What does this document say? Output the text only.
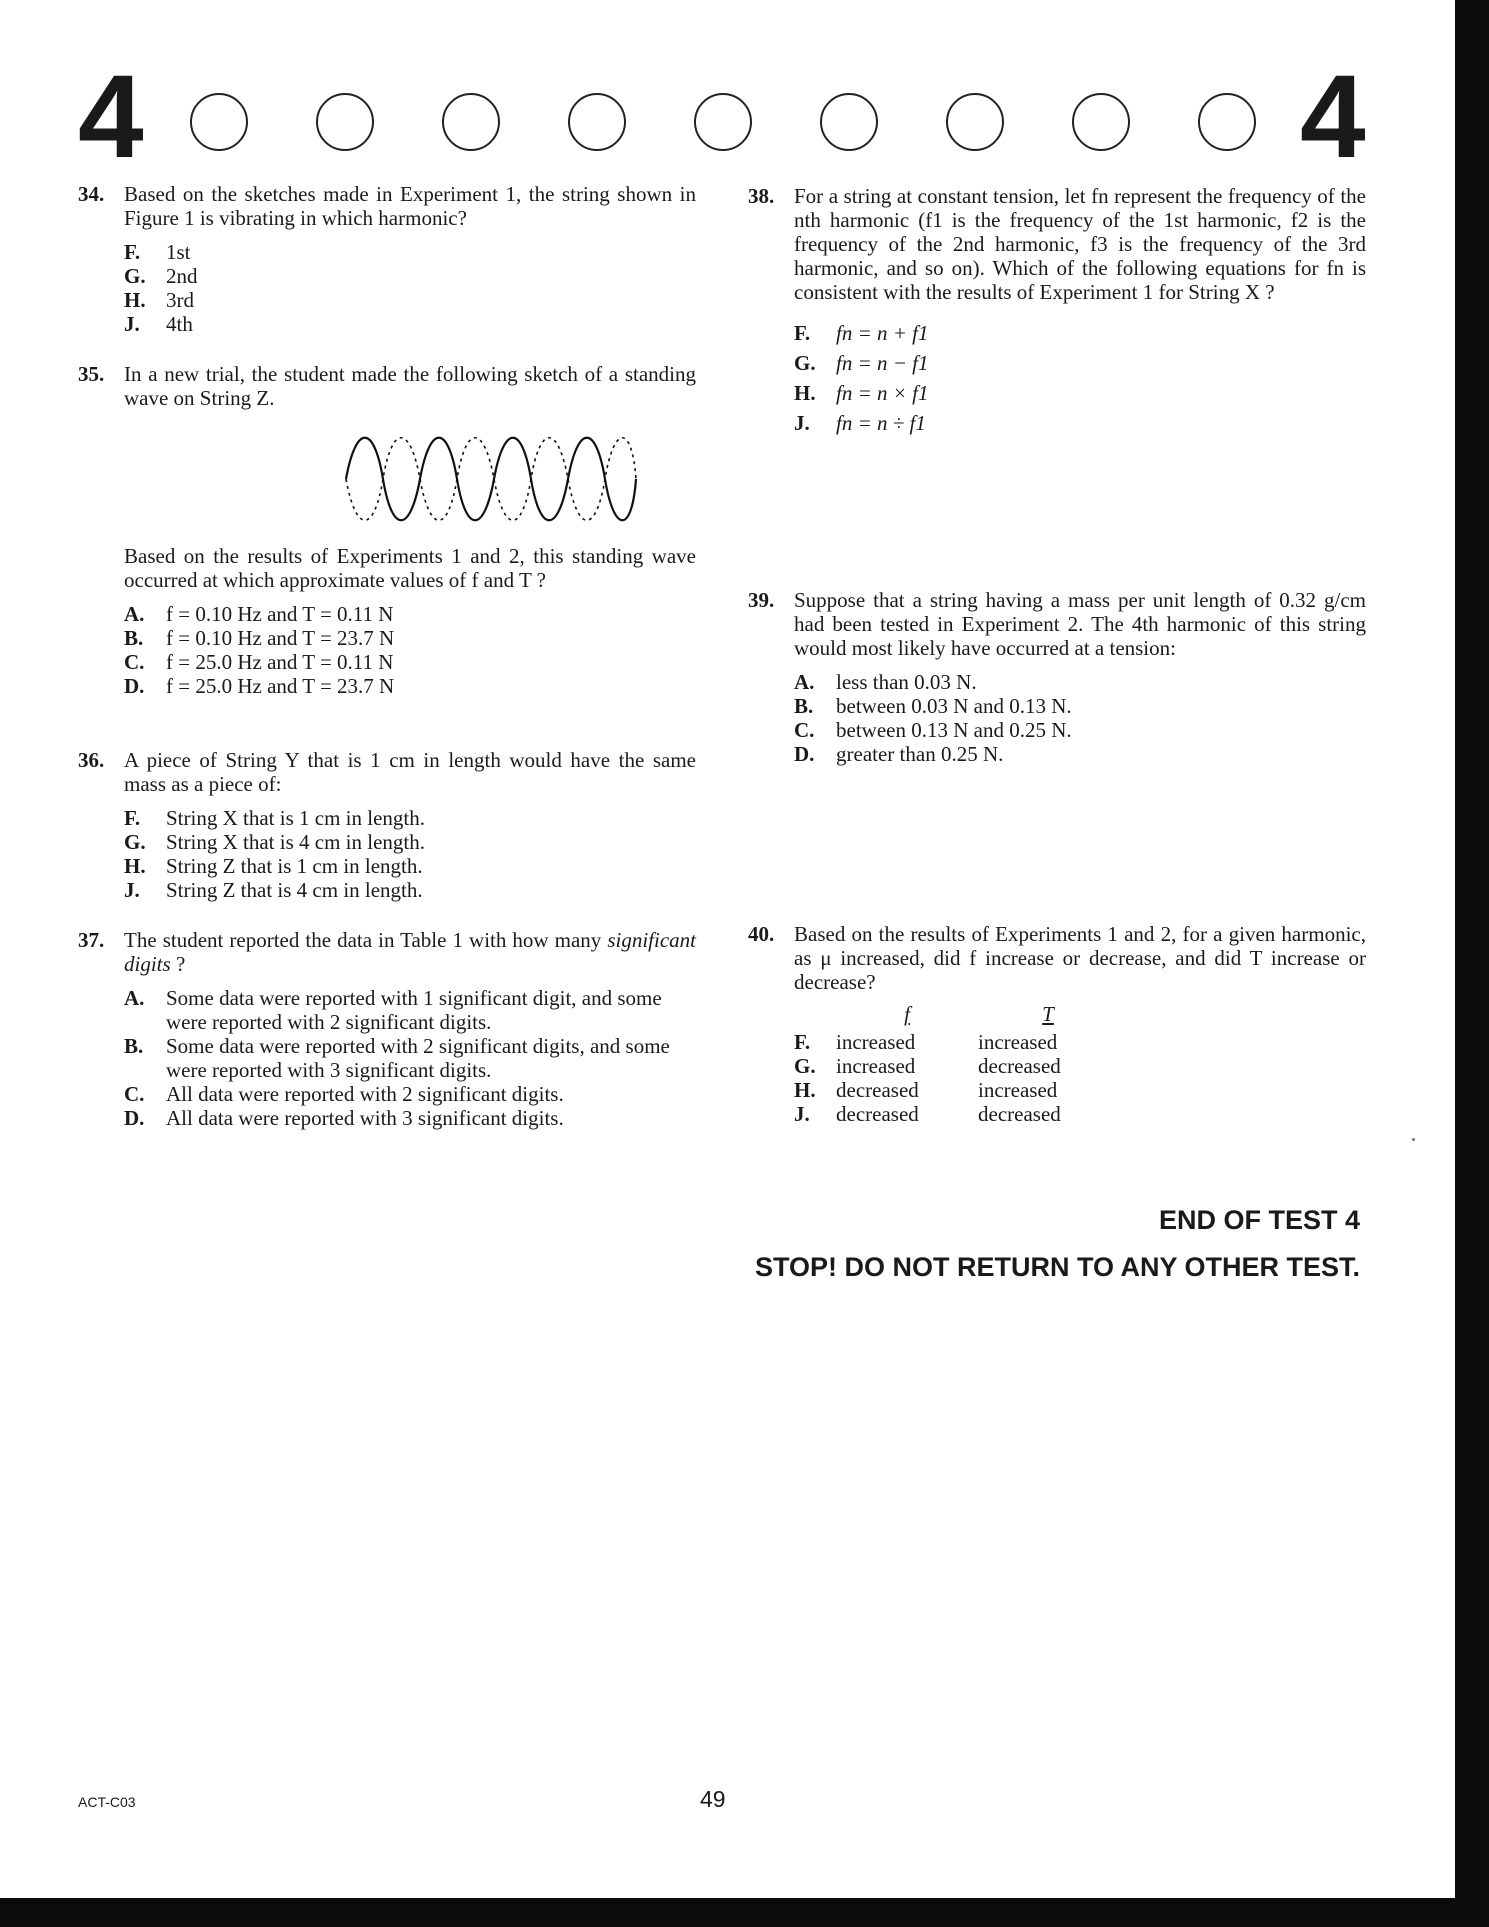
4	4
34. Based on the sketches made in Experiment 1, the string shown in Figure 1 is vibrating in which harmonic?
F.	1st
G. 2nd
H. 3rd
J.	4th
35. In a new trial, the student made the following sketch of a standing wave on String Z.
Based on the results of Experiments 1 and 2, this standing wave occurred at which approximate values of f and T ?
A.	f = 0.10 Hz and T = 0.11 N
B.	f = 0.10 Hz and T = 23.7 N
C.	f = 25.0 Hz and T = 0.11 N
D.	f = 25.0 Hz and T = 23.7 N
36. A piece of String Y that is 1 cm in length would have the same mass as a piece of:
F.	String X that is 1 cm in length.
G. String X that is 4 cm in length.
H. String Z that is 1 cm in length.
J.	String Z that is 4 cm in length.
37. The student reported the data in Table 1 with how many significant digits ?
A.	Some data were reported with 1 significant digit, and some were reported with 2 significant digits.
B.	Some data were reported with 2 significant digits, and some were reported with 3 significant digits.
C.	All data were reported with 2 significant digits.
D.	All data were reported with 3 significant digits.
38. For a string at constant tension, let fn represent the frequency of the nth harmonic (f1 is the frequency of the 1st harmonic, f2 is the frequency of the 2nd harmonic, f3 is the frequency of the 3rd harmonic, and so on). Which of the following equations for fn is consistent with the results of Experiment 1 for String X ?
F.	fn = n + f1
G. fn = n − f1
H. fn = n × f1
J.	fn = n ÷ f1
39. Suppose that a string having a mass per unit length of 0.32 g/cm had been tested in Experiment 2. The 4th harmonic of this string would most likely have occurred at a tension:
A.	less than 0.03 N.
B.	between 0.03 N and 0.13 N.
C.	between 0.13 N and 0.25 N.
D.	greater than 0.25 N.
40. Based on the results of Experiments 1 and 2, for a given harmonic, as μ increased, did f increase or decrease, and did T increase or decrease?
f	T
F.	increased	increased
G. increased	decreased
H. decreased	increased
J.	decreased	decreased
END OF TEST 4
STOP! DO NOT RETURN TO ANY OTHER TEST.
ACT-C03	49
